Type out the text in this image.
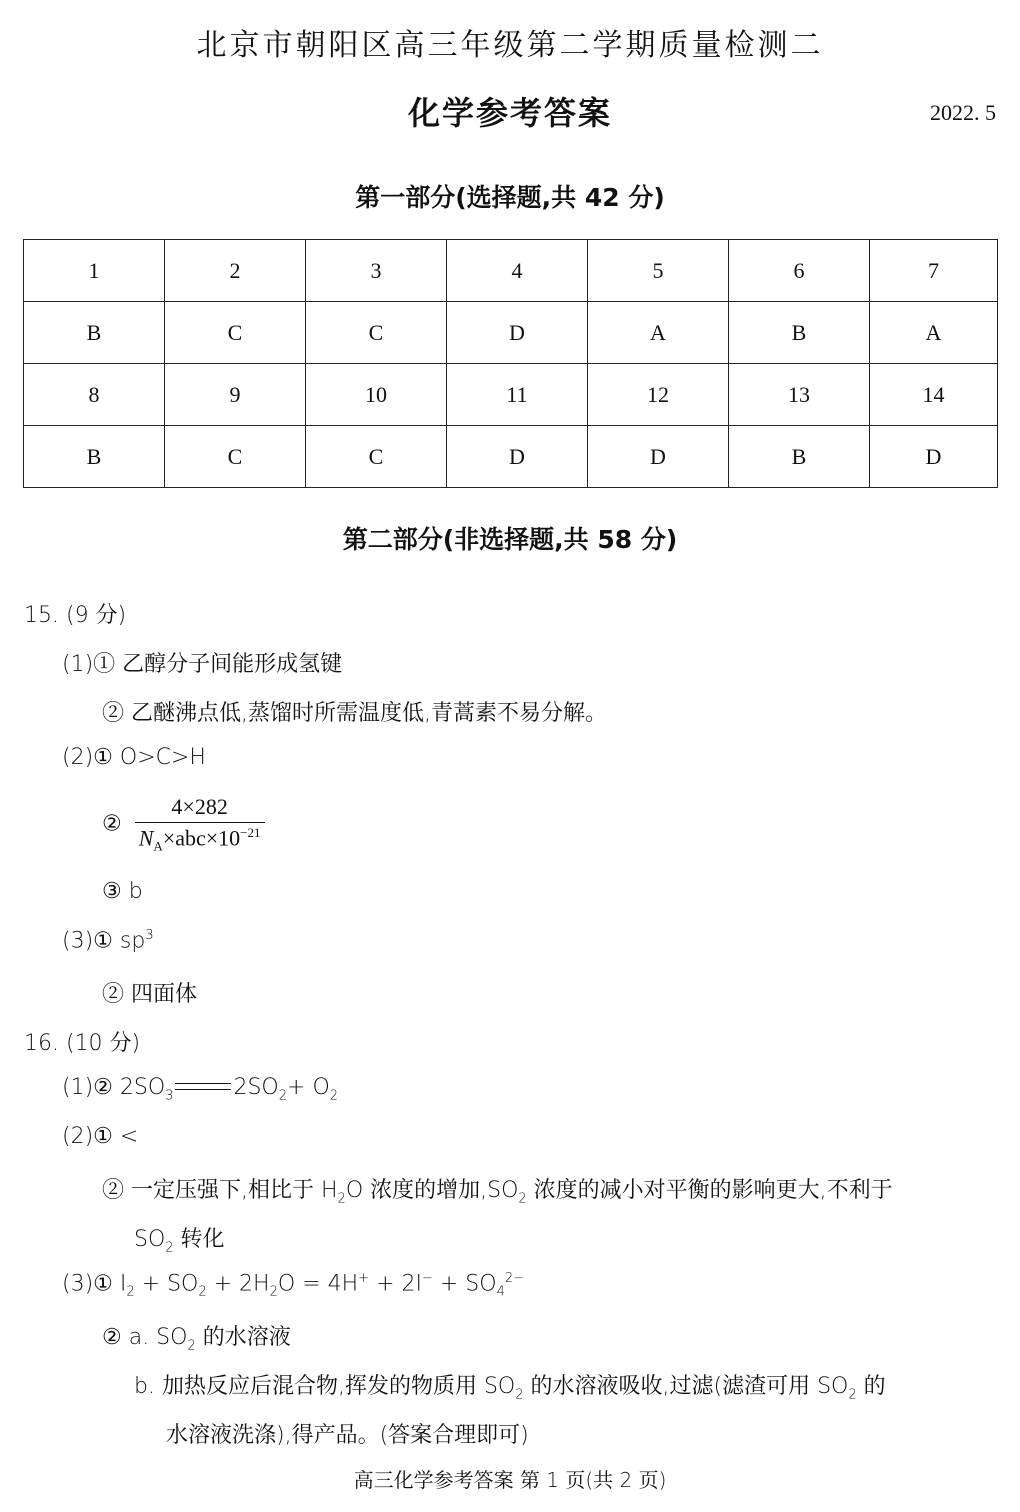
北京市朝阳区高三年级第二学期质量检测二
化学参考答案	2022. 5
第一部分(选择题,共 42 分)
1	2	3	4	5	6	7
B	C	C	D	A	B	A
8	9	10	11	12	13	14
B	C	C	D	D	B	D
第二部分(非选择题,共 58 分)
15. (9 分)
(1)① 乙醇分子间能形成氢键
② 乙醚沸点低,蒸馏时所需温度低,青蒿素不易分解。
(2)① O>C>H
② $\frac{4\times 282}{N_A\times abc\times 10^{-21}}$
③ b
(3)① $sp^3$
② 四面体
16. (10 分)
(1)② $2SO_3$	$2SO_2+ O_2$
(2)① <
② 一定压强下,相比于 $H_2O$ 浓度的增加$,SO_2$ 浓度的减小对平衡的影响更大,不利于
$SO_2$ 转化
(3)① $I_2 + SO_2 + 2H_2O = 4H^+ + 2I^- + SO_4^{2-}$
② a. $SO_2$ 的水溶液
b. 加热反应后混合物,挥发的物质用 $SO_2$ 的水溶液吸收,过滤(滤渣可用 $SO_2$ 的
水溶液洗涤),得产品。(答案合理即可)
高三化学参考答案 第 1 页(共 2 页)
